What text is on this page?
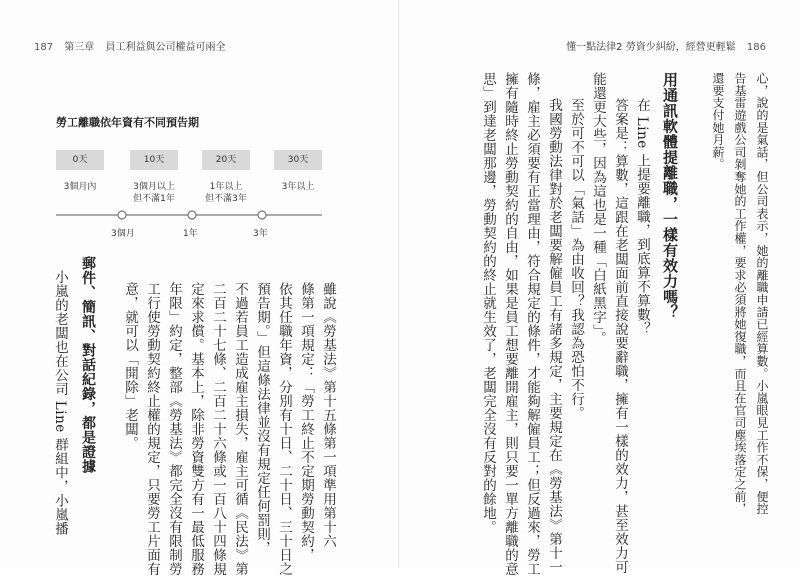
187 第三章 員工利益與公司權益可兩全
勞工離職依年資有不同預告期
0天	10天	20天	30天
3個月內	3個月以上
但不滿1年
1年以上
但不滿3年
3年以上
3個月	1年	3年
雖說《勞基法》第十五條第一項準用第十六
條第一項規定：「勞工終止不定期勞動契約，
依其任職年資，分別有十日、二十日、三十日之
預告期。」但這條法律並沒有規定任何罰則，
不過若員工造成雇主損失，雇主可循《民法》第
二百二十七條、二百二十六條或一百八十四條規
定來求償。基本上，除非勞資雙方有一最低服務
年限」約定，整部《勞基法》都完全沒有限制勞
工行使勞動契約終止權的規定，只要勞工片面有
意，就可以「開除」老闆。
郵件、簡訊、對話紀錄，都是證據
小嵐的老闆也在公司 Line 群組中，小嵐播
懂一點法律2 勞資少糾紛，經營更輕鬆 186
心，說的是氣話，但公司表示，她的離職申請已經算數。小嵐眼見工作不保，便控
告基雷遊戲公司剝奪她的工作權，要求必須將她復職，而且在官司塵埃落定之前，
還要支付她月薪。
用通訊軟體提離職，一樣有效力嗎？
在 Line 上提要離職，到底算不算數？
答案是：算數，這跟在老闆面前直接說要辭職，擁有一樣的效力，甚至效力可
能還更大些，因為這也是一種「白紙黑字」。
至於可不可以「氣話」為由收回？我認為恐怕不行。
我國勞動法律對於老闆要解僱員工有諸多規定，主要規定在《勞基法》第十一
條，雇主必須要有正當理由，符合規定的條件，才能夠解僱員工；但反過來，勞工
擁有隨時終止勞動契約的自由，如果是員工想要離開雇主，則只要一單方離職的意
思」到達老闆那邊，勞動契約的終止就生效了，老闆完全沒有反對的餘地。
